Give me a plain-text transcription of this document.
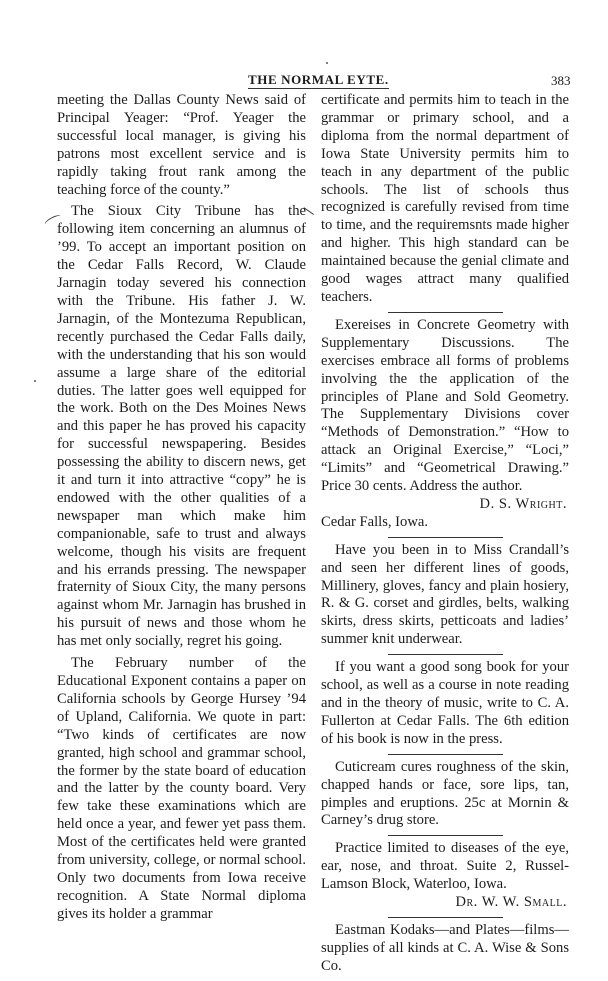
THE NORMAL EYTE.	383

meeting the Dallas County News said of Principal Yeager: “Prof. Yeager the successful local manager, is giving his patrons most excellent service and is rapidly taking frout rank among the teaching force of the county.”

The Sioux City Tribune has the following item concerning an alumnus of ’99. To accept an important position on the Cedar Falls Record, W. Claude Jarnagin today severed his connection with the Tribune. His father J. W. Jarnagin, of the Montezuma Republican, recently purchased the Cedar Falls daily, with the understanding that his son would assume a large share of the editorial duties. The latter goes well equipped for the work. Both on the Des Moines News and this paper he has proved his capacity for successful newspapering. Besides possessing the ability to discern news, get it and turn it into attractive “copy” he is endowed with the other qualities of a newspaper man which make him companionable, safe to trust and always welcome, though his visits are frequent and his errands pressing. The newspaper fraternity of Sioux City, the many persons against whom Mr. Jarnagin has brushed in his pursuit of news and those whom he has met only socially, regret his going.

The February number of the Educational Exponent contains a paper on California schools by George Hursey ’94 of Upland, California. We quote in part: “Two kinds of certificates are now granted, high school and grammar school, the former by the state board of education and the latter by the county board. Very few take these examinations which are held once a year, and fewer yet pass them. Most of the certificates held were granted from university, college, or normal school. Only two documents from Iowa receive recognition. A State Normal diploma gives its holder a grammar

certificate and permits him to teach in the grammar or primary school, and a diploma from the normal department of Iowa State University permits him to teach in any department of the public schools. The list of schools thus recognized is carefully revised from time to time, and the requiremsnts made higher and higher. This high standard can be maintained because the genial climate and good wages attract many qualified teachers.

Exereises in Concrete Geometry with Supplementary Discussions. The exercises embrace all forms of problems involving the the application of the principles of Plane and Sold Geometry. The Supplementary Divisions cover “Methods of Demonstration.” “How to attack an Original Exercise,” “Loci,” “Limits” and “Geometrical Drawing.” Price 30 cents. Address the author.

D. S. Wright.
Cedar Falls, Iowa.

Have you been in to Miss Crandall’s and seen her different lines of goods, Millinery, gloves, fancy and plain hosiery, R. & G. corset and girdles, belts, walking skirts, dress skirts, petticoats and ladies’ summer knit underwear.

If you want a good song book for your school, as well as a course in note reading and in the theory of music, write to C. A. Fullerton at Cedar Falls. The 6th edition of his book is now in the press.

Cuticream cures roughness of the skin, chapped hands or face, sore lips, tan, pimples and eruptions. 25c at Mornin & Carney’s drug store.

Practice limited to diseases of the eye, ear, nose, and throat. Suite 2, Russel-Lamson Block, Waterloo, Iowa.

Dr. W. W. Small.

Eastman Kodaks—and Plates—films—supplies of all kinds at C. A. Wise & Sons Co.
